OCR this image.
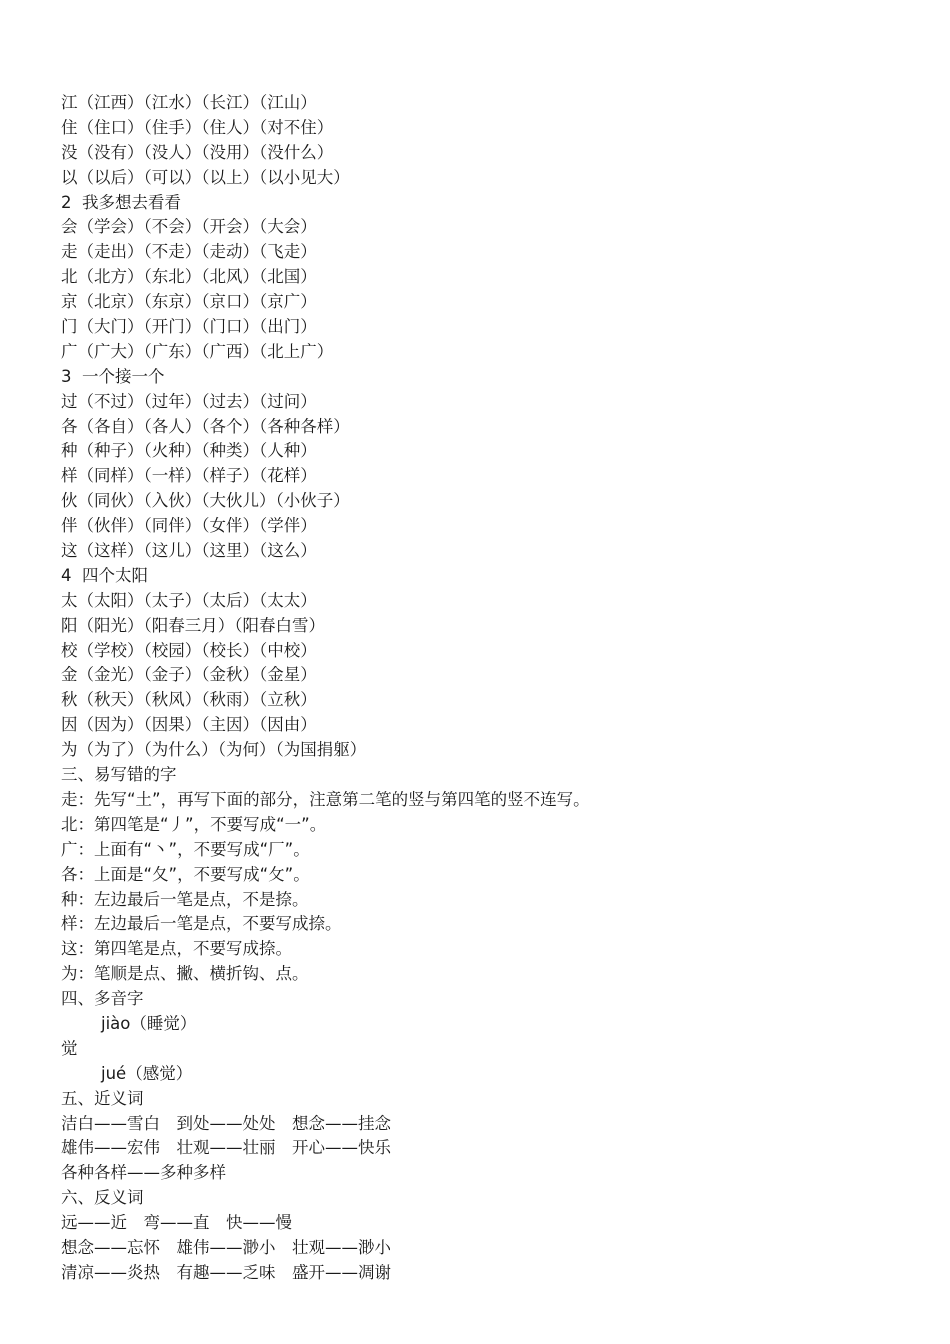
江（江西）（江水）（长江）（江山）
住（住口）（住手）（住人）（对不住）
没（没有）（没人）（没用）（没什么）
以（以后）（可以）（以上）（以小见大）
2  我多想去看看
会（学会）（不会）（开会）（大会）
走（走出）（不走）（走动）（飞走）
北（北方）（东北）（北风）（北国）
京（北京）（东京）（京口）（京广）
门（大门）（开门）（门口）（出门）
广（广大）（广东）（广西）（北上广）
3  一个接一个
过（不过）（过年）（过去）（过问）
各（各自）（各人）（各个）（各种各样）
种（种子）（火种）（种类）（人种）
样（同样）（一样）（样子）（花样）
伙（同伙）（入伙）（大伙儿）（小伙子）
伴（伙伴）（同伴）（女伴）（学伴）
这（这样）（这儿）（这里）（这么）
4  四个太阳
太（太阳）（太子）（太后）（太太）
阳（阳光）（阳春三月）（阳春白雪）
校（学校）（校园）（校长）（中校）
金（金光）（金子）（金秋）（金星）
秋（秋天）（秋风）（秋雨）（立秋）
因（因为）（因果）（主因）（因由）
为（为了）（为什么）（为何）（为国捐躯）
三、易写错的字
走：先写“土”，再写下面的部分，注意第二笔的竖与第四笔的竖不连写。
北：第四笔是“丿”，不要写成“一”。
广：上面有“丶”，不要写成“厂”。
各：上面是“夂”，不要写成“攵”。
种：左边最后一笔是点，不是捺。
样：左边最后一笔是点，不要写成捺。
这：第四笔是点，不要写成捺。
为：笔顺是点、撇、横折钩、点。
四、多音字
jiào（睡觉）
觉
jué（感觉）
五、近义词
洁白——雪白　到处——处处　想念——挂念
雄伟——宏伟　壮观——壮丽　开心——快乐
各种各样——多种多样
六、反义词
远——近　弯——直　快——慢
想念——忘怀　雄伟——渺小　壮观——渺小
清凉——炎热　有趣——乏味　盛开——凋谢
